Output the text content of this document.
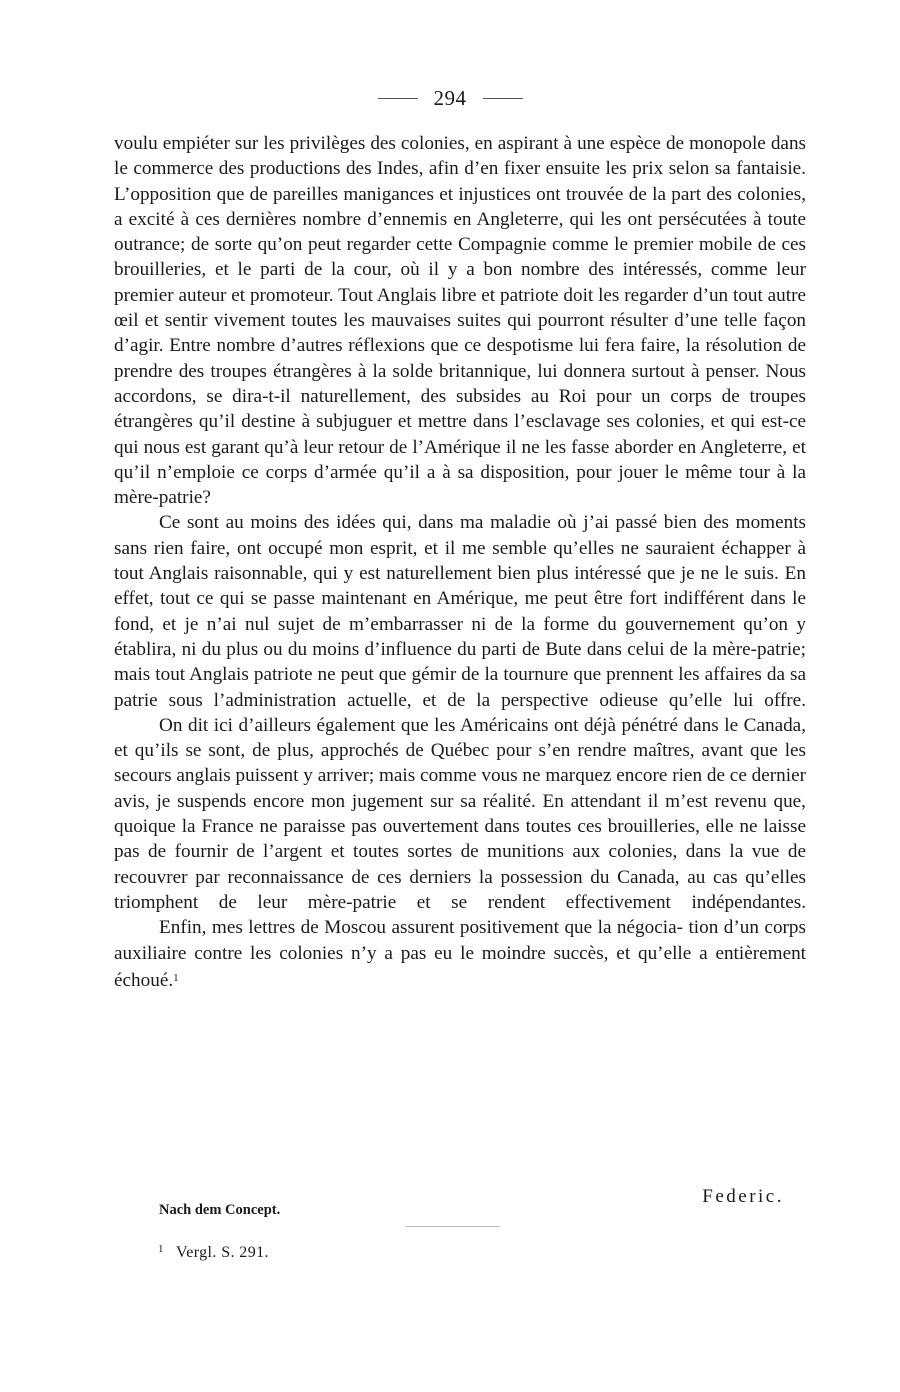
294

voulu empiéter sur les privilèges des colonies, en aspirant à une espèce de monopole dans le commerce des productions des Indes, afin d’en fixer ensuite les prix selon sa fantaisie. L’opposition que de pareilles manigances et injustices ont trouvée de la part des colonies, a excité à ces dernières nombre d’ennemis en Angleterre, qui les ont persécutées à toute outrance; de sorte qu’on peut regarder cette Compagnie comme le premier mobile de ces brouilleries, et le parti de la cour, où il y a bon nombre des intéressés, comme leur premier auteur et promoteur. Tout Anglais libre et patriote doit les regarder d’un tout autre œil et sentir vivement toutes les mauvaises suites qui pourront résulter d’une telle façon d’agir. Entre nombre d’autres réflexions que ce despotisme lui fera faire, la résolution de prendre des troupes étrangères à la solde britannique, lui donnera surtout à penser. Nous accordons, se dira-t-il naturellement, des subsides au Roi pour un corps de troupes étrangères qu’il destine à subjuguer et mettre dans l’esclavage ses colonies, et qui est-ce qui nous est garant qu’à leur retour de l’Amérique il ne les fasse aborder en Angleterre, et qu’il n’emploie ce corps d’armée qu’il a à sa disposition, pour jouer le même tour à la mère-patrie?

Ce sont au moins des idées qui, dans ma maladie où j’ai passé bien des moments sans rien faire, ont occupé mon esprit, et il me semble qu’elles ne sauraient échapper à tout Anglais raisonnable, qui y est naturellement bien plus intéressé que je ne le suis. En effet, tout ce qui se passe maintenant en Amérique, me peut être fort indifférent dans le fond, et je n’ai nul sujet de m’embarrasser ni de la forme du gouvernement qu’on y établira, ni du plus ou du moins d’influence du parti de Bute dans celui de la mère-patrie; mais tout Anglais patriote ne peut que gémir de la tournure que prennent les affaires da sa patrie sous l’administration actuelle, et de la perspective odieuse qu’elle lui offre.

On dit ici d’ailleurs également que les Américains ont déjà pénétré dans le Canada, et qu’ils se sont, de plus, approchés de Québec pour s’en rendre maîtres, avant que les secours anglais puissent y arriver; mais comme vous ne marquez encore rien de ce dernier avis, je suspends encore mon jugement sur sa réalité. En attendant il m’est revenu que, quoique la France ne paraisse pas ouvertement dans toutes ces brouilleries, elle ne laisse pas de fournir de l’argent et toutes sortes de munitions aux colonies, dans la vue de recouvrer par reconnaissance de ces derniers la possession du Canada, au cas qu’elles triomphent de leur mère-patrie et se rendent effectivement indépendantes.

Enfin, mes lettres de Moscou assurent positivement que la négocia- tion d’un corps auxiliaire contre les colonies n’y a pas eu le moindre succès, et qu’elle a entièrement échoué.$^1$

Federic.
Nach dem Concept.
$^1$ Vergl. S. 291.
